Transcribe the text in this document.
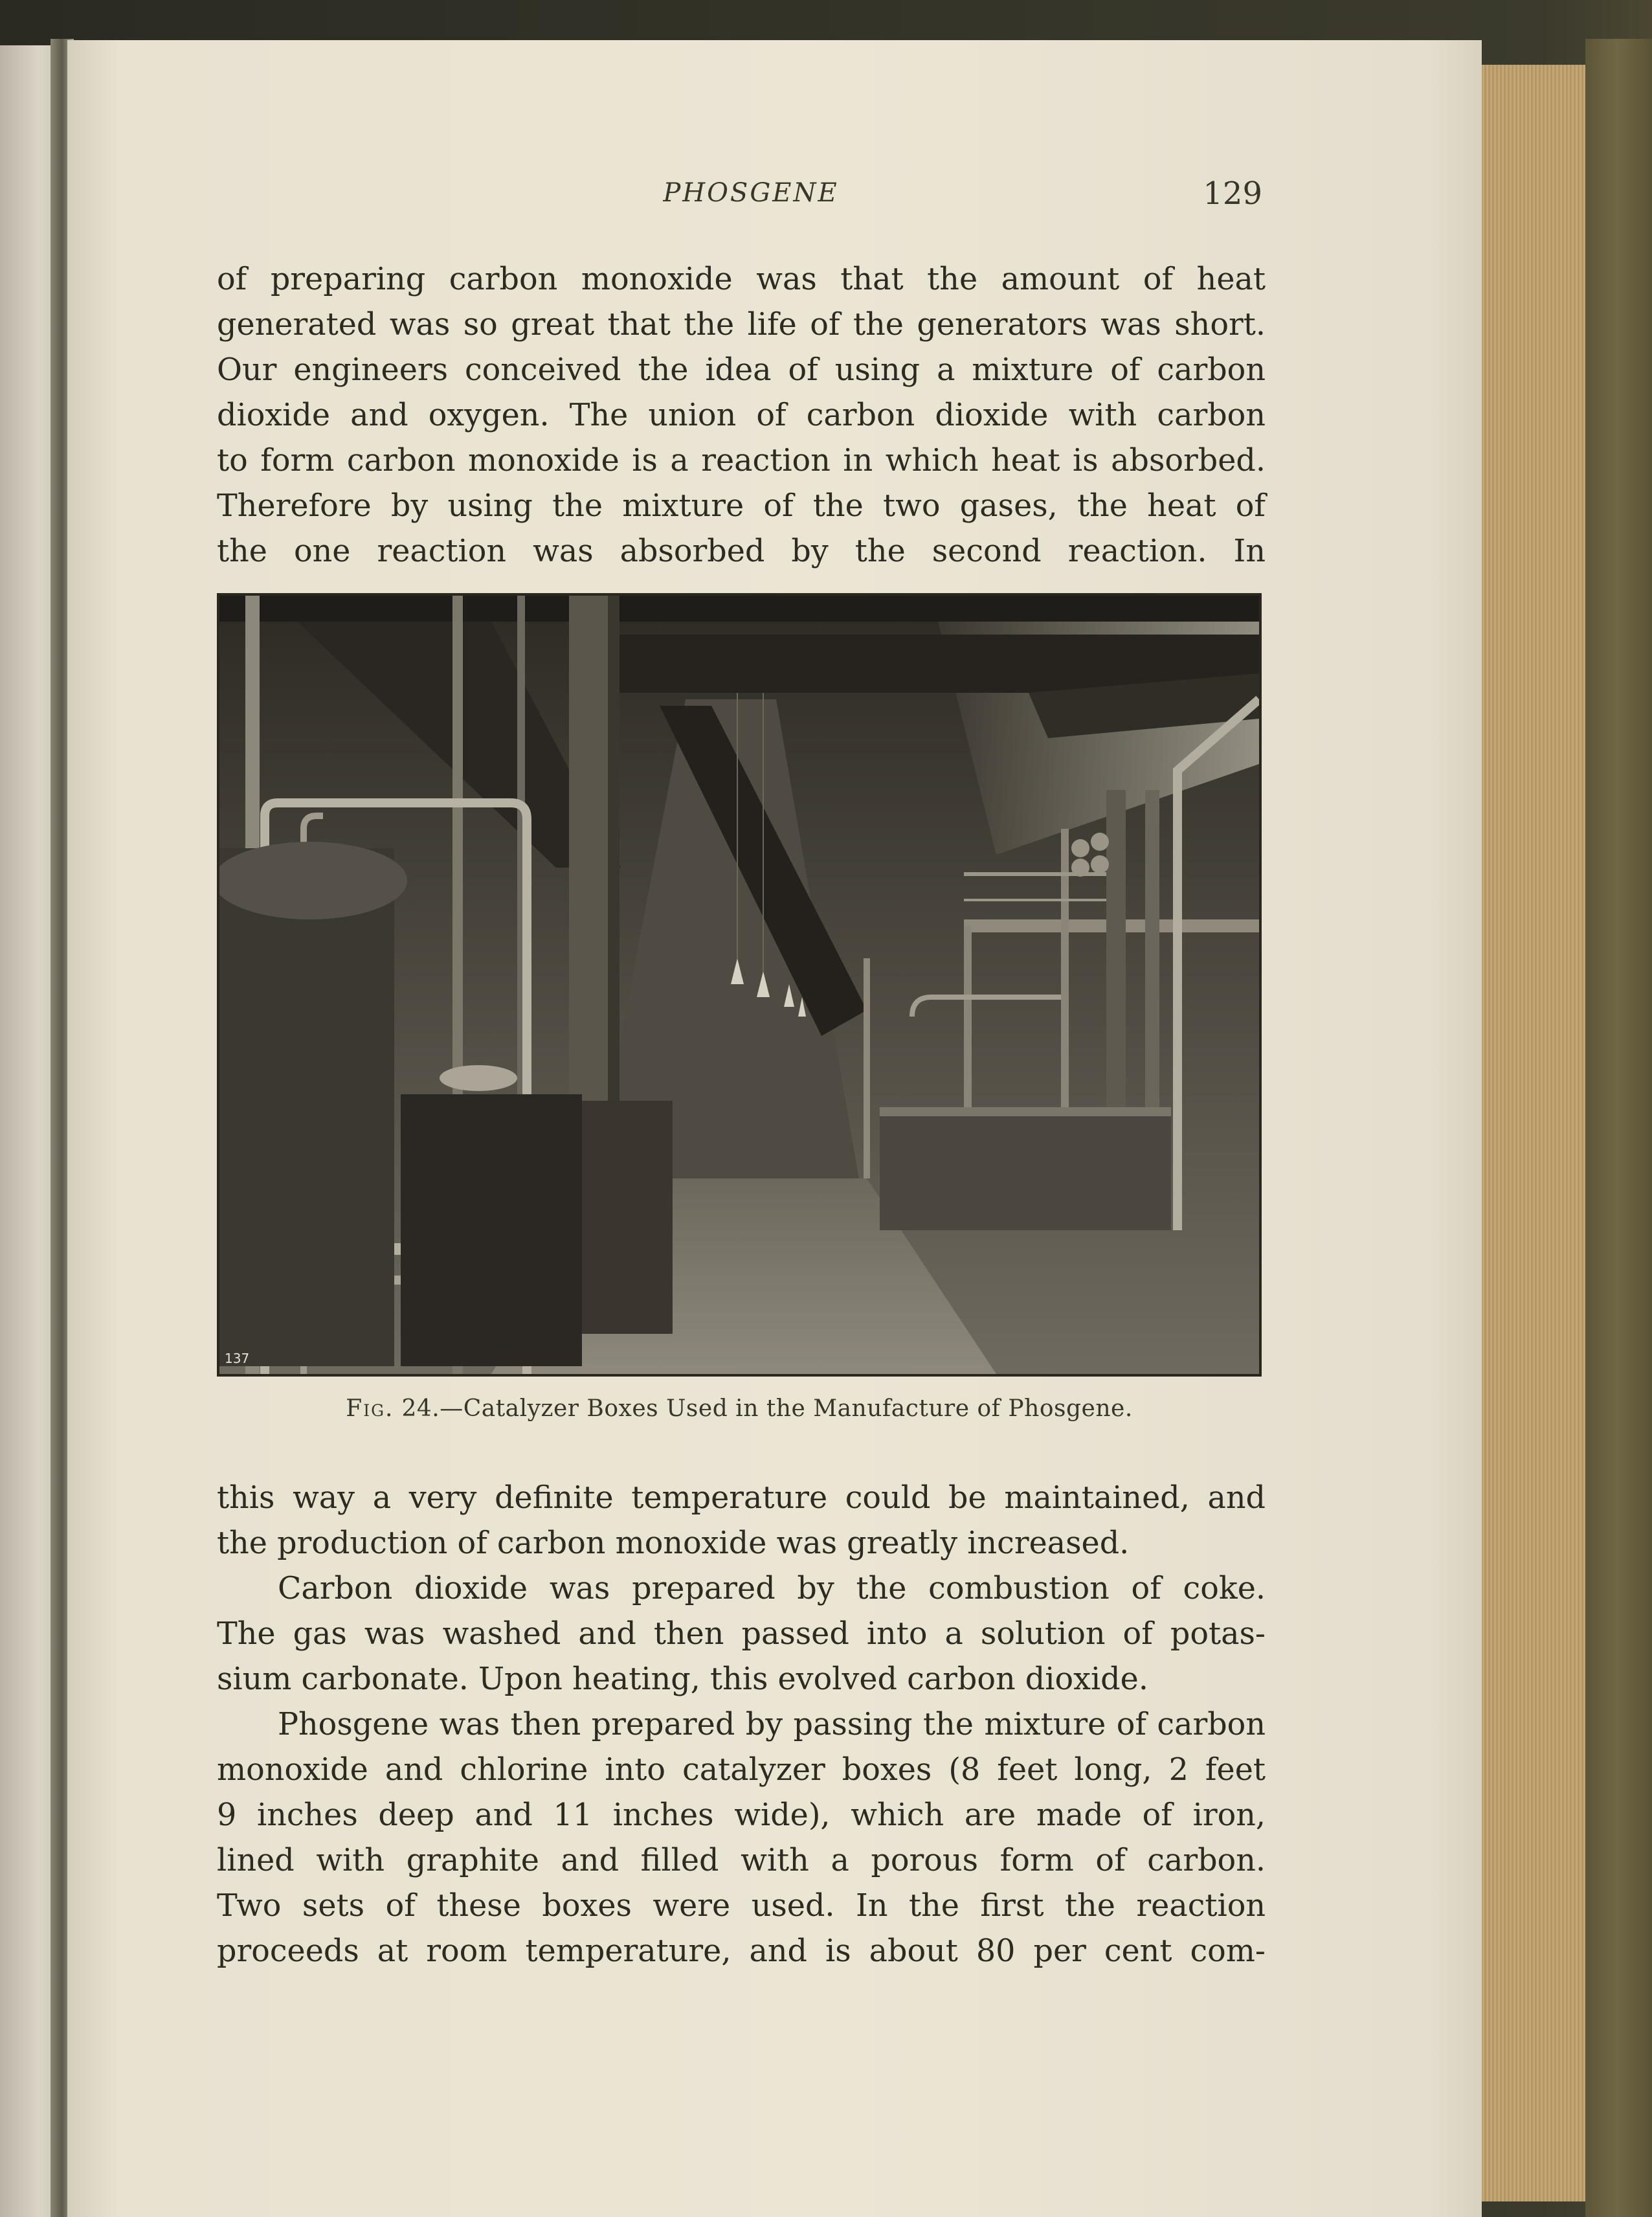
PHOSGENE	129
of preparing carbon monoxide was that the amount of heat
generated was so great that the life of the generators was short.
Our engineers conceived the idea of using a mixture of carbon
dioxide and oxygen. The union of carbon dioxide with carbon
to form carbon monoxide is a reaction in which heat is absorbed.
Therefore by using the mixture of the two gases, the heat of
the one reaction was absorbed by the second reaction. In
137
Fig. 24.—Catalyzer Boxes Used in the Manufacture of Phosgene.
this way a very definite temperature could be maintained, and
the production of carbon monoxide was greatly increased.
Carbon dioxide was prepared by the combustion of coke.
The gas was washed and then passed into a solution of potas-
sium carbonate. Upon heating, this evolved carbon dioxide.
Phosgene was then prepared by passing the mixture of carbon
monoxide and chlorine into catalyzer boxes (8 feet long, 2 feet
9 inches deep and 11 inches wide), which are made of iron,
lined with graphite and filled with a porous form of carbon.
Two sets of these boxes were used. In the first the reaction
proceeds at room temperature, and is about 80 per cent com-
